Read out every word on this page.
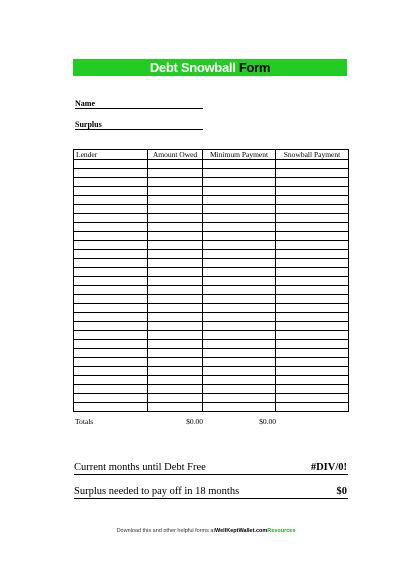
Debt Snowball Form
Name
Surplus
Lender	Amount Owed	Minimum Payment	Snowball Payment

Totals	$0.00	$0.00
Current months until Debt Free	#DIV/0!
Surplus needed to pay off in 18 months	$0
Download this and other helpful forms atWellKeptWallet.comResources
